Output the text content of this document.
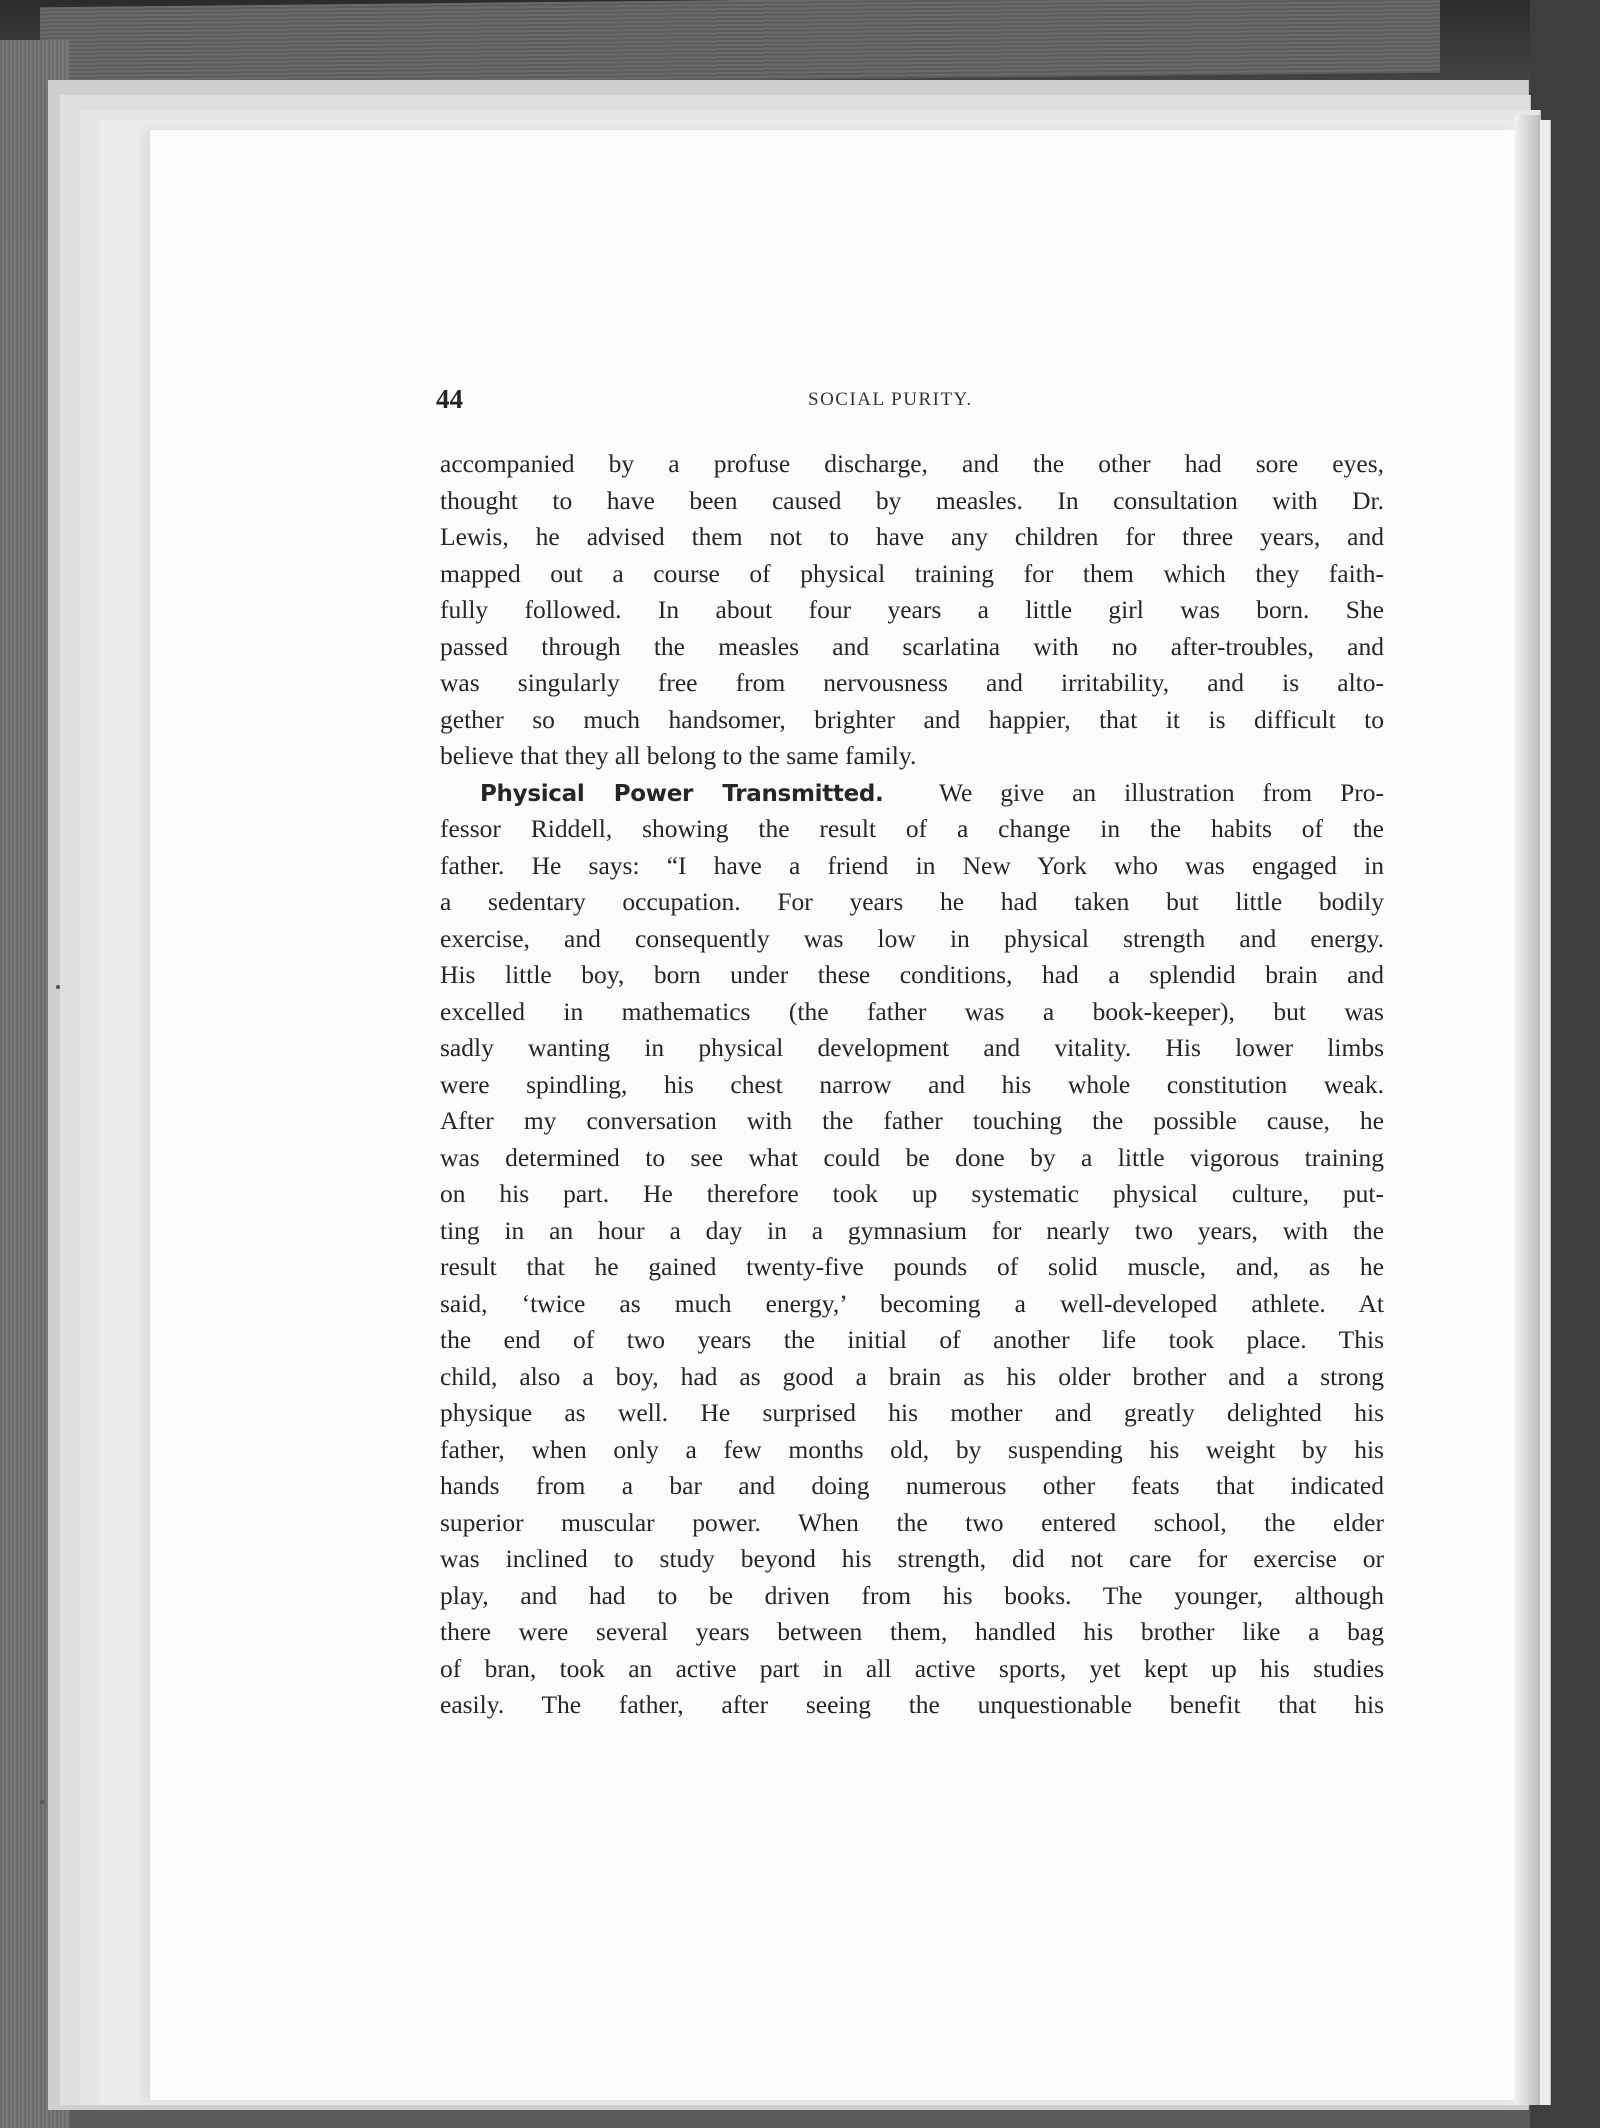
44	SOCIAL PURITY.
accompanied by a profuse discharge, and the other had sore eyes,
thought to have been caused by measles. In consultation with Dr.
Lewis, he advised them not to have any children for three years, and
mapped out a course of physical training for them which they faith-
fully followed. In about four years a little girl was born. She
passed through the measles and scarlatina with no after-troubles, and
was singularly free from nervousness and irritability, and is alto-
gether so much handsomer, brighter and happier, that it is difficult to
believe that they all belong to the same family.
Physical Power Transmitted. We give an illustration from Pro-
fessor Riddell, showing the result of a change in the habits of the
father. He says: “I have a friend in New York who was engaged in
a sedentary occupation. For years he had taken but little bodily
exercise, and consequently was low in physical strength and energy.
His little boy, born under these conditions, had a splendid brain and
excelled in mathematics (the father was a book-keeper), but was
sadly wanting in physical development and vitality. His lower limbs
were spindling, his chest narrow and his whole constitution weak.
After my conversation with the father touching the possible cause, he
was determined to see what could be done by a little vigorous training
on his part. He therefore took up systematic physical culture, put-
ting in an hour a day in a gymnasium for nearly two years, with the
result that he gained twenty-five pounds of solid muscle, and, as he
said, ‘twice as much energy,’ becoming a well-developed athlete. At
the end of two years the initial of another life took place. This
child, also a boy, had as good a brain as his older brother and a strong
physique as well. He surprised his mother and greatly delighted his
father, when only a few months old, by suspending his weight by his
hands from a bar and doing numerous other feats that indicated
superior muscular power. When the two entered school, the elder
was inclined to study beyond his strength, did not care for exercise or
play, and had to be driven from his books. The younger, although
there were several years between them, handled his brother like a bag
of bran, took an active part in all active sports, yet kept up his studies
easily. The father, after seeing the unquestionable benefit that his
